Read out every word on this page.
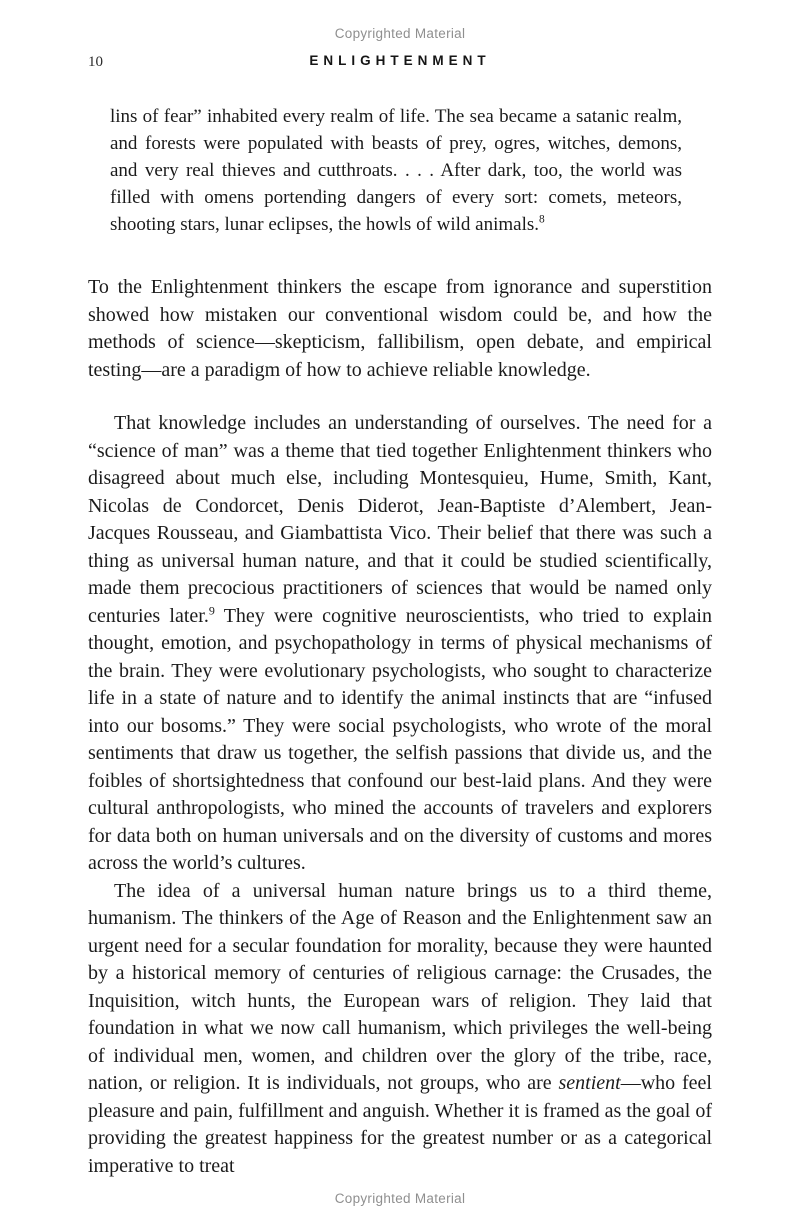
Copyrighted Material
10	ENLIGHTENMENT
lins of fear” inhabited every realm of life. The sea became a satanic realm, and forests were populated with beasts of prey, ogres, witches, demons, and very real thieves and cutthroats. . . . After dark, too, the world was filled with omens portending dangers of every sort: comets, meteors, shooting stars, lunar eclipses, the howls of wild animals.$^8$

To the Enlightenment thinkers the escape from ignorance and superstition showed how mistaken our conventional wisdom could be, and how the methods of science—skepticism, fallibilism, open debate, and empirical testing—are a paradigm of how to achieve reliable knowledge.

That knowledge includes an understanding of ourselves. The need for a “science of man” was a theme that tied together Enlightenment thinkers who disagreed about much else, including Montesquieu, Hume, Smith, Kant, Nicolas de Condorcet, Denis Diderot, Jean-Baptiste d’Alembert, Jean-Jacques Rousseau, and Giambattista Vico. Their belief that there was such a thing as universal human nature, and that it could be studied scientifically, made them precocious practitioners of sciences that would be named only centuries later.$^9$ They were cognitive neuroscientists, who tried to explain thought, emotion, and psychopathology in terms of physical mechanisms of the brain. They were evolutionary psychologists, who sought to characterize life in a state of nature and to identify the animal instincts that are “infused into our bosoms.” They were social psychologists, who wrote of the moral sentiments that draw us together, the selfish passions that divide us, and the foibles of shortsightedness that confound our best-laid plans. And they were cultural anthropologists, who mined the accounts of travelers and explorers for data both on human universals and on the diversity of customs and mores across the world’s cultures.

The idea of a universal human nature brings us to a third theme, humanism. The thinkers of the Age of Reason and the Enlightenment saw an urgent need for a secular foundation for morality, because they were haunted by a historical memory of centuries of religious carnage: the Crusades, the Inquisition, witch hunts, the European wars of religion. They laid that foundation in what we now call humanism, which privileges the well-being of individual men, women, and children over the glory of the tribe, race, nation, or religion. It is individuals, not groups, who are sentient—who feel pleasure and pain, fulfillment and anguish. Whether it is framed as the goal of providing the greatest happiness for the greatest number or as a categorical imperative to treat

Copyrighted Material
